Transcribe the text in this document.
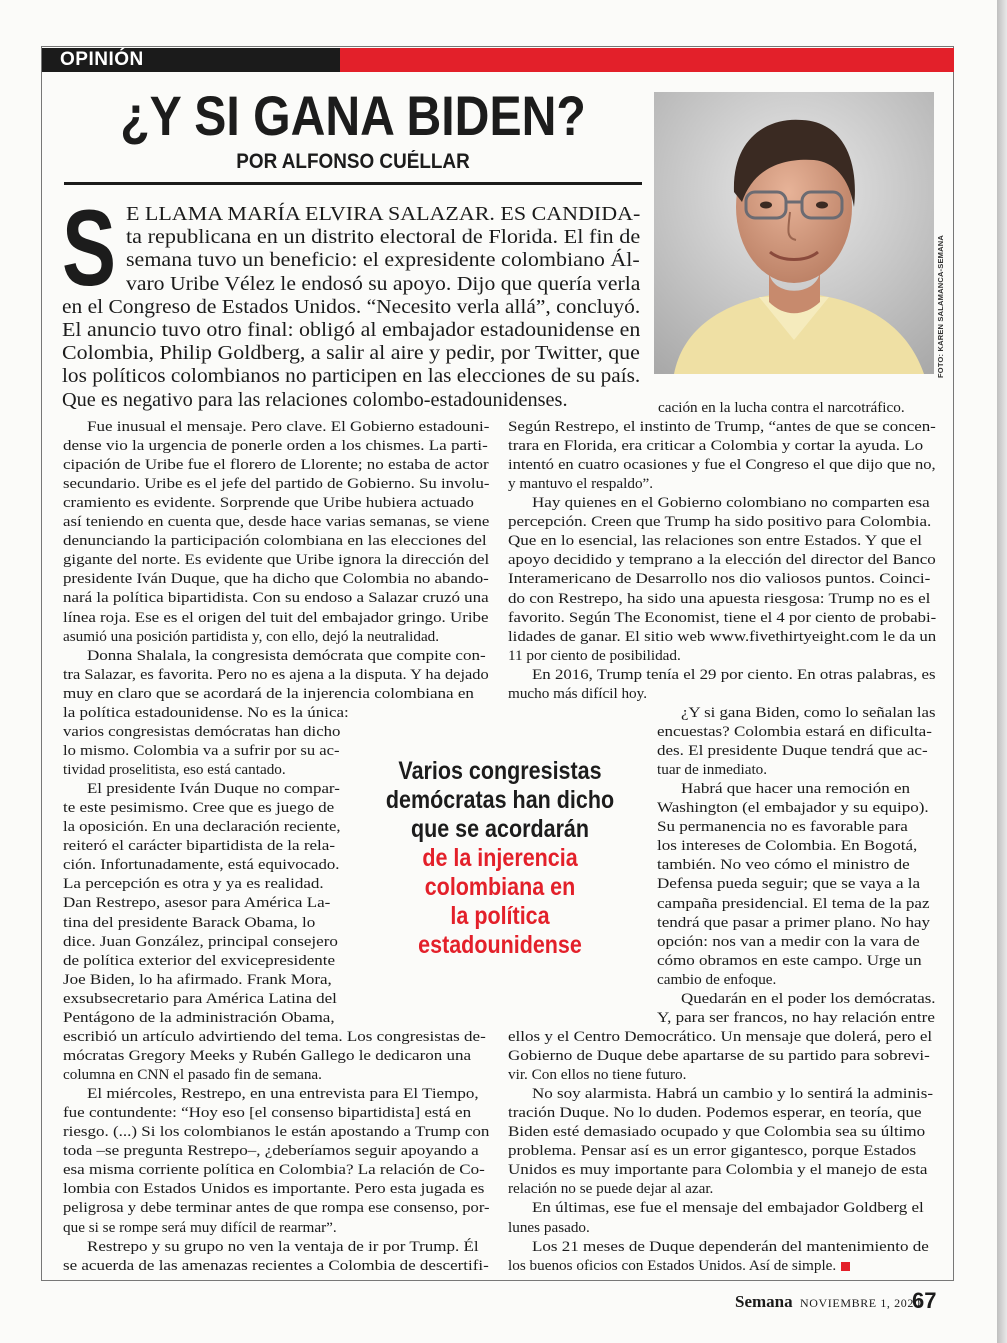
OPINIÓN
¿Y SI GANA BIDEN?
POR ALFONSO CUÉLLAR
FOTO: KAREN SALAMANCA-SEMANA
S E LLAMA MARÍA ELVIRA SALAZAR. ES CANDIDA-
ta republicana en un distrito electoral de Florida. El fin de
semana tuvo un beneficio: el expresidente colombiano Ál-
varo Uribe Vélez le endosó su apoyo. Dijo que quería verla
en el Congreso de Estados Unidos. “Necesito verla allá”, concluyó.
El anuncio tuvo otro final: obligó al embajador estadounidense en
Colombia, Philip Goldberg, a salir al aire y pedir, por Twitter, que
los políticos colombianos no participen en las elecciones de su país.
Que es negativo para las relaciones colombo-estadounidenses.
Fue inusual el mensaje. Pero clave. El Gobierno estadouni-
dense vio la urgencia de ponerle orden a los chismes. La parti-
cipación de Uribe fue el florero de Llorente; no estaba de actor
secundario. Uribe es el jefe del partido de Gobierno. Su involu-
cramiento es evidente. Sorprende que Uribe hubiera actuado
así teniendo en cuenta que, desde hace varias semanas, se viene
denunciando la participación colombiana en las elecciones del
gigante del norte. Es evidente que Uribe ignora la dirección del
presidente Iván Duque, que ha dicho que Colombia no abando-
nará la política bipartidista. Con su endoso a Salazar cruzó una
línea roja. Ese es el origen del tuit del embajador gringo. Uribe
asumió una posición partidista y, con ello, dejó la neutralidad.
Donna Shalala, la congresista demócrata que compite con-
tra Salazar, es favorita. Pero no es ajena a la disputa. Y ha dejado
muy en claro que se acordará de la injerencia colombiana en
la política estadounidense. No es la única:
varios congresistas demócratas han dicho
lo mismo. Colombia va a sufrir por su ac-
tividad proselitista, eso está cantado.
El presidente Iván Duque no compar-
te este pesimismo. Cree que es juego de
la oposición. En una declaración reciente,
reiteró el carácter bipartidista de la rela-
ción. Infortunadamente, está equivocado.
La percepción es otra y ya es realidad.
Dan Restrepo, asesor para América La-
tina del presidente Barack Obama, lo
dice. Juan González, principal consejero
de política exterior del exvicepresidente
Joe Biden, lo ha afirmado. Frank Mora,
exsubsecretario para América Latina del
Pentágono de la administración Obama,
escribió un artículo advirtiendo del tema. Los congresistas de-
mócratas Gregory Meeks y Rubén Gallego le dedicaron una
columna en CNN el pasado fin de semana.
El miércoles, Restrepo, en una entrevista para El Tiempo,
fue contundente: “Hoy eso [el consenso bipartidista] está en
riesgo. (...) Si los colombianos le están apostando a Trump con
toda –se pregunta Restrepo–, ¿deberíamos seguir apoyando a
esa misma corriente política en Colombia? La relación de Co-
lombia con Estados Unidos es importante. Pero esta jugada es
peligrosa y debe terminar antes de que rompa ese consenso, por-
que si se rompe será muy difícil de rearmar”.
Restrepo y su grupo no ven la ventaja de ir por Trump. Él
se acuerda de las amenazas recientes a Colombia de descertifi-
cación en la lucha contra el narcotráfico.
Según Restrepo, el instinto de Trump, “antes de que se concen-
trara en Florida, era criticar a Colombia y cortar la ayuda. Lo
intentó en cuatro ocasiones y fue el Congreso el que dijo que no,
y mantuvo el respaldo”.
Hay quienes en el Gobierno colombiano no comparten esa
percepción. Creen que Trump ha sido positivo para Colombia.
Que en lo esencial, las relaciones son entre Estados. Y que el
apoyo decidido y temprano a la elección del director del Banco
Interamericano de Desarrollo nos dio valiosos puntos. Coinci-
do con Restrepo, ha sido una apuesta riesgosa: Trump no es el
favorito. Según The Economist, tiene el 4 por ciento de probabi-
lidades de ganar. El sitio web www.fivethirtyeight.com le da un
11 por ciento de posibilidad.
En 2016, Trump tenía el 29 por ciento. En otras palabras, es
mucho más difícil hoy.
¿Y si gana Biden, como lo señalan las
encuestas? Colombia estará en dificulta-
des. El presidente Duque tendrá que ac-
tuar de inmediato.
Habrá que hacer una remoción en
Washington (el embajador y su equipo).
Su permanencia no es favorable para
los intereses de Colombia. En Bogotá,
también. No veo cómo el ministro de
Defensa pueda seguir; que se vaya a la
campaña presidencial. El tema de la paz
tendrá que pasar a primer plano. No hay
opción: nos van a medir con la vara de
cómo obramos en este campo. Urge un
cambio de enfoque.
Quedarán en el poder los demócratas.
Y, para ser francos, no hay relación entre
ellos y el Centro Democrático. Un mensaje que dolerá, pero el
Gobierno de Duque debe apartarse de su partido para sobrevi-
vir. Con ellos no tiene futuro.
No soy alarmista. Habrá un cambio y lo sentirá la adminis-
tración Duque. No lo duden. Podemos esperar, en teoría, que
Biden esté demasiado ocupado y que Colombia sea su último
problema. Pensar así es un error gigantesco, porque Estados
Unidos es muy importante para Colombia y el manejo de esta
relación no se puede dejar al azar.
En últimas, ese fue el mensaje del embajador Goldberg el
lunes pasado.
Los 21 meses de Duque dependerán del mantenimiento de
los buenos oficios con Estados Unidos. Así de simple.
Varios congresistas
demócratas han dicho
que se acordarán
de la injerencia
colombiana en
la política
estadounidense
Semana NOVIEMBRE 1, 2020
67
